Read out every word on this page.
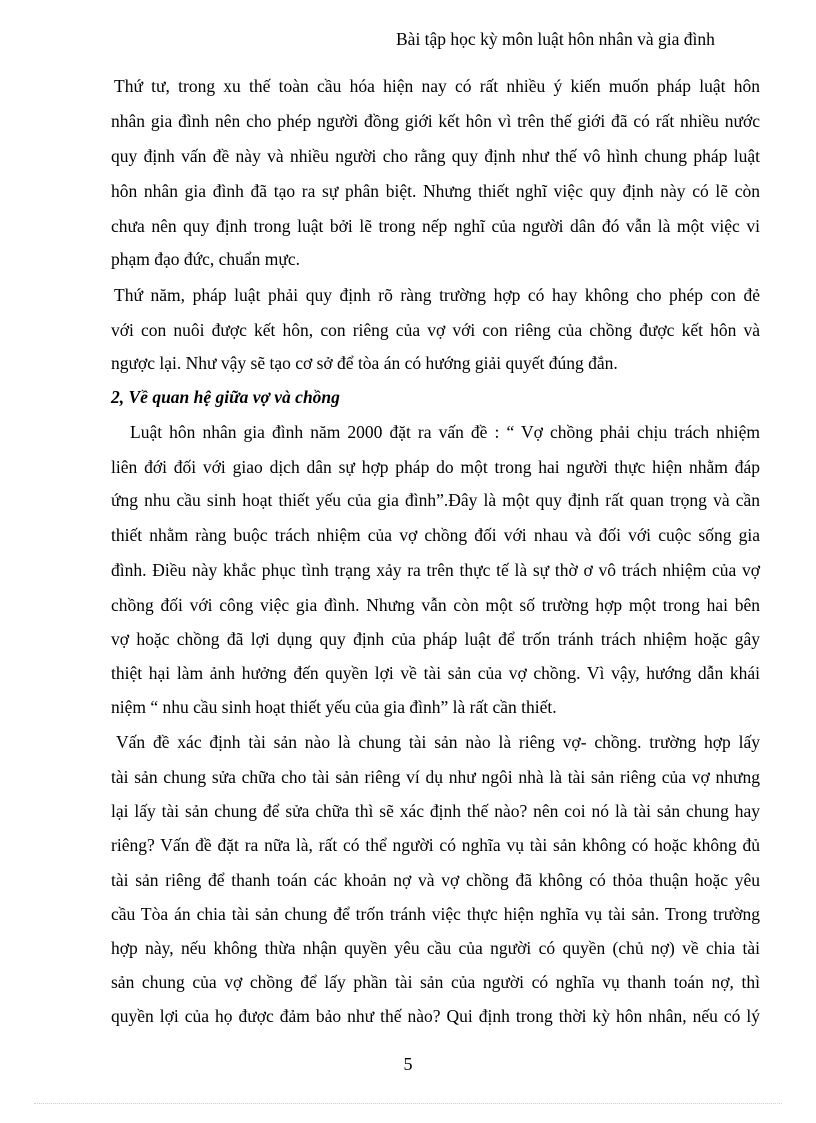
Bài tập học kỳ môn luật hôn nhân và gia đình
Thứ tư, trong xu thế toàn cầu hóa hiện nay có rất nhiều ý kiến muốn pháp luật hôn
nhân gia đình nên cho phép người đồng giới kết hôn vì trên thế giới đã có rất nhiều nước
quy định vấn đề này và nhiều người cho rằng quy định như thế vô hình chung pháp luật
hôn nhân gia đình đã tạo ra sự phân biệt. Nhưng thiết nghĩ việc quy định này có lẽ còn
chưa nên quy định trong luật bởi lẽ trong nếp nghĩ của người dân đó vẫn là một việc vi
phạm đạo đức, chuẩn mực.
Thứ năm, pháp luật phải quy định rõ ràng trường hợp có hay không cho phép con đẻ
với con nuôi được kết hôn, con riêng của vợ với con riêng của chồng được kết hôn và
ngược lại. Như vậy sẽ tạo cơ sở để tòa án có hướng giải quyết đúng đắn.
2, Về quan hệ giữa vợ và chồng
Luật hôn nhân gia đình năm 2000 đặt ra vấn đề : “ Vợ chồng phải chịu trách nhiệm
liên đới đối với giao dịch dân sự hợp pháp do một trong hai người thực hiện nhằm đáp
ứng nhu cầu sinh hoạt thiết yếu của gia đình”.Đây là một quy định rất quan trọng và cần
thiết nhằm ràng buộc trách nhiệm của vợ chồng đối với nhau và đối với cuộc sống gia
đình. Điều này khắc phục tình trạng xảy ra trên thực tế là sự thờ ơ vô trách nhiệm của vợ
chồng đối với công việc gia đình. Nhưng vẫn còn một số trường hợp một trong hai bên
vợ hoặc chồng đã lợi dụng quy định của pháp luật để trốn tránh trách nhiệm hoặc gây
thiệt hại làm ảnh hưởng đến quyền lợi về tài sản của vợ chồng. Vì vậy, hướng dẫn khái
niệm “ nhu cầu sinh hoạt thiết yếu của gia đình” là rất cần thiết.
Vấn đề xác định tài sản nào là chung tài sản nào là riêng vợ- chồng. trường hợp lấy
tài sản chung sửa chữa cho tài sản riêng ví dụ như ngôi nhà là tài sản riêng của vợ nhưng
lại lấy tài sản chung để sửa chữa thì sẽ xác định thế nào? nên coi nó là tài sản chung hay
riêng? Vấn đề đặt ra nữa là, rất có thể người có nghĩa vụ tài sản không có hoặc không đủ
tài sản riêng để thanh toán các khoản nợ và vợ chồng đã không có thỏa thuận hoặc yêu
cầu Tòa án chia tài sản chung để trốn tránh việc thực hiện nghĩa vụ tài sản. Trong trường
hợp này, nếu không thừa nhận quyền yêu cầu của người có quyền (chủ nợ) về chia tài
sản chung của vợ chồng để lấy phần tài sản của người có nghĩa vụ thanh toán nợ, thì
quyền lợi của họ được đảm bảo như thế nào? Qui định trong thời kỳ hôn nhân, nếu có lý
5
